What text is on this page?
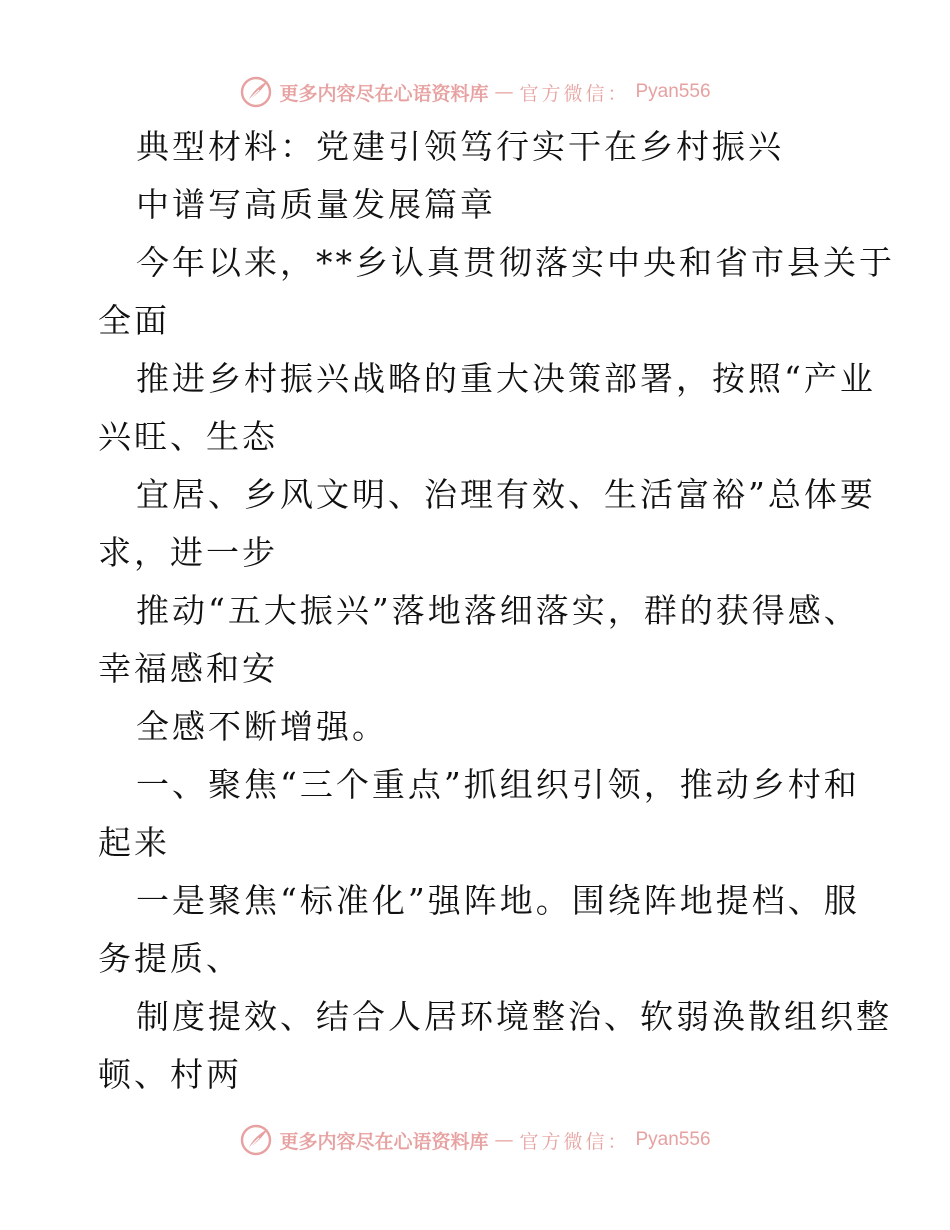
更多内容尽在心语资料库 — 官方微信： Pyan556
典型材料：党建引领笃行实干在乡村振兴
中谱写高质量发展篇章
今年以来，**乡认真贯彻落实中央和省市县关于
全面
推进乡村振兴战略的重大决策部署，按照“产业
兴旺、生态
宜居、乡风文明、治理有效、生活富裕”总体要
求，进一步
推动“五大振兴”落地落细落实，群的获得感、
幸福感和安
全感不断增强。
一、聚焦“三个重点”抓组织引领，推动乡村和
起来
一是聚焦“标准化”强阵地。围绕阵地提档、服
务提质、
制度提效、结合人居环境整治、软弱涣散组织整
顿、村两
更多内容尽在心语资料库 — 官方微信： Pyan556
